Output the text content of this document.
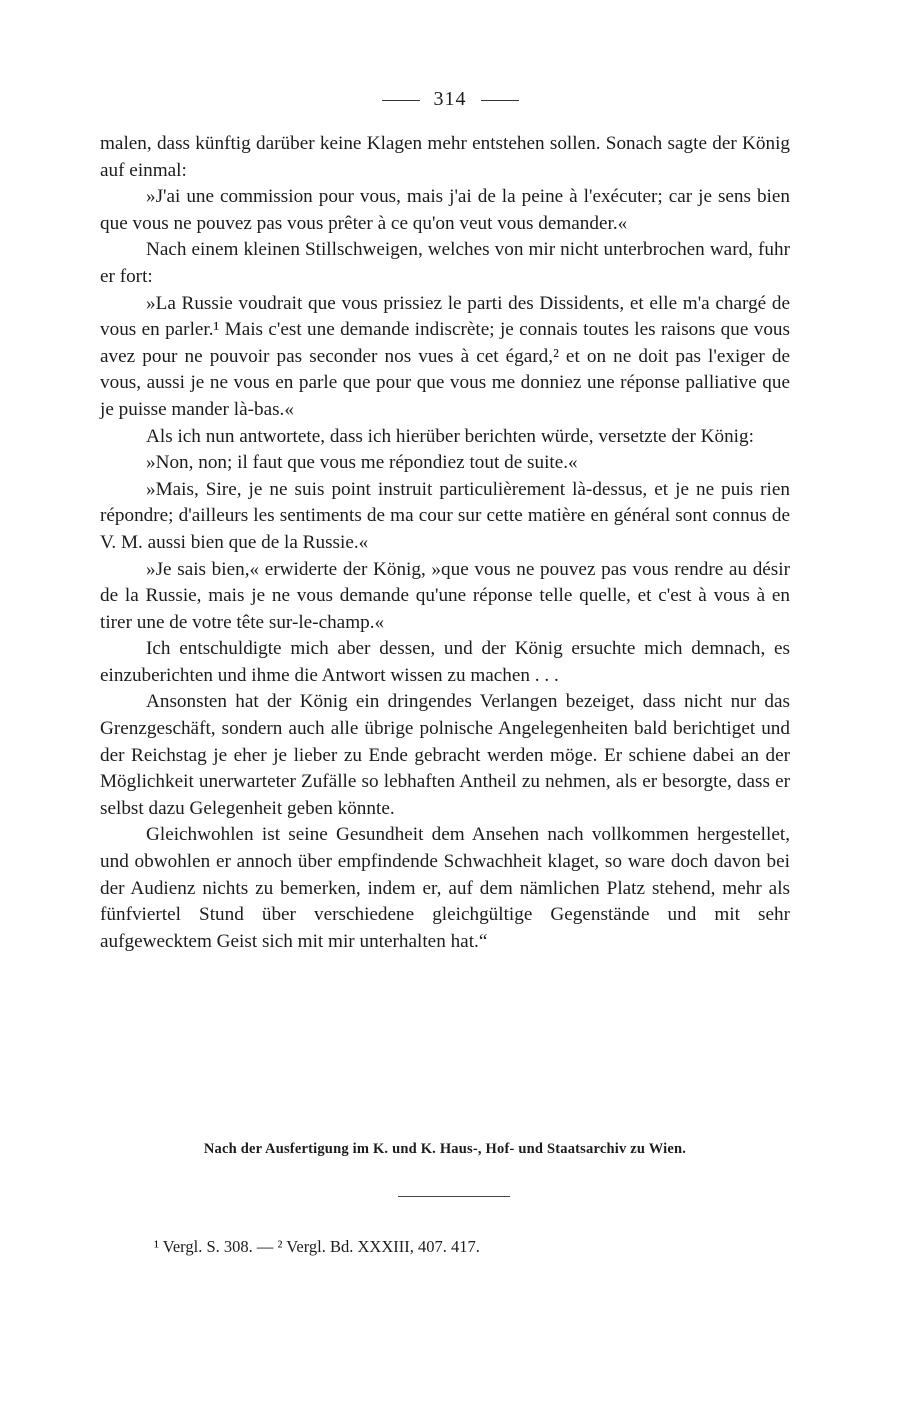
314

malen, dass künftig darüber keine Klagen mehr entstehen sollen. Sonach sagte der König auf einmal:

»J'ai une commission pour vous, mais j'ai de la peine à l'exécuter; car je sens bien que vous ne pouvez pas vous prêter à ce qu'on veut vous demander.«

Nach einem kleinen Stillschweigen, welches von mir nicht unterbrochen ward, fuhr er fort:

»La Russie voudrait que vous prissiez le parti des Dissidents, et elle m'a chargé de vous en parler.¹ Mais c'est une demande indiscrète; je connais toutes les raisons que vous avez pour ne pouvoir pas seconder nos vues à cet égard,² et on ne doit pas l'exiger de vous, aussi je ne vous en parle que pour que vous me donniez une réponse palliative que je puisse mander là-bas.«

Als ich nun antwortete, dass ich hierüber berichten würde, versetzte der König:

»Non, non; il faut que vous me répondiez tout de suite.«

»Mais, Sire, je ne suis point instruit particulièrement là-dessus, et je ne puis rien répondre; d'ailleurs les sentiments de ma cour sur cette matière en général sont connus de V. M. aussi bien que de la Russie.«

»Je sais bien,« erwiderte der König, »que vous ne pouvez pas vous rendre au désir de la Russie, mais je ne vous demande qu'une réponse telle quelle, et c'est à vous à en tirer une de votre tête sur-le-champ.«

Ich entschuldigte mich aber dessen, und der König ersuchte mich demnach, es einzuberichten und ihme die Antwort wissen zu machen . . .

Ansonsten hat der König ein dringendes Verlangen bezeiget, dass nicht nur das Grenzgeschäft, sondern auch alle übrige polnische Angelegenheiten bald berichtiget und der Reichstag je eher je lieber zu Ende gebracht werden möge. Er schiene dabei an der Möglichkeit unerwarteter Zufälle so lebhaften Antheil zu nehmen, als er besorgte, dass er selbst dazu Gelegenheit geben könnte.

Gleichwohlen ist seine Gesundheit dem Ansehen nach vollkommen hergestellet, und obwohlen er annoch über empfindende Schwachheit klaget, so ware doch davon bei der Audienz nichts zu bemerken, indem er, auf dem nämlichen Platz stehend, mehr als fünfviertel Stund über verschiedene gleichgültige Gegenstände und mit sehr aufgewecktem Geist sich mit mir unterhalten hat.“

Nach der Ausfertigung im K. und K. Haus-, Hof- und Staatsarchiv zu Wien.
¹ Vergl. S. 308. — ² Vergl. Bd. XXXIII, 407. 417.
